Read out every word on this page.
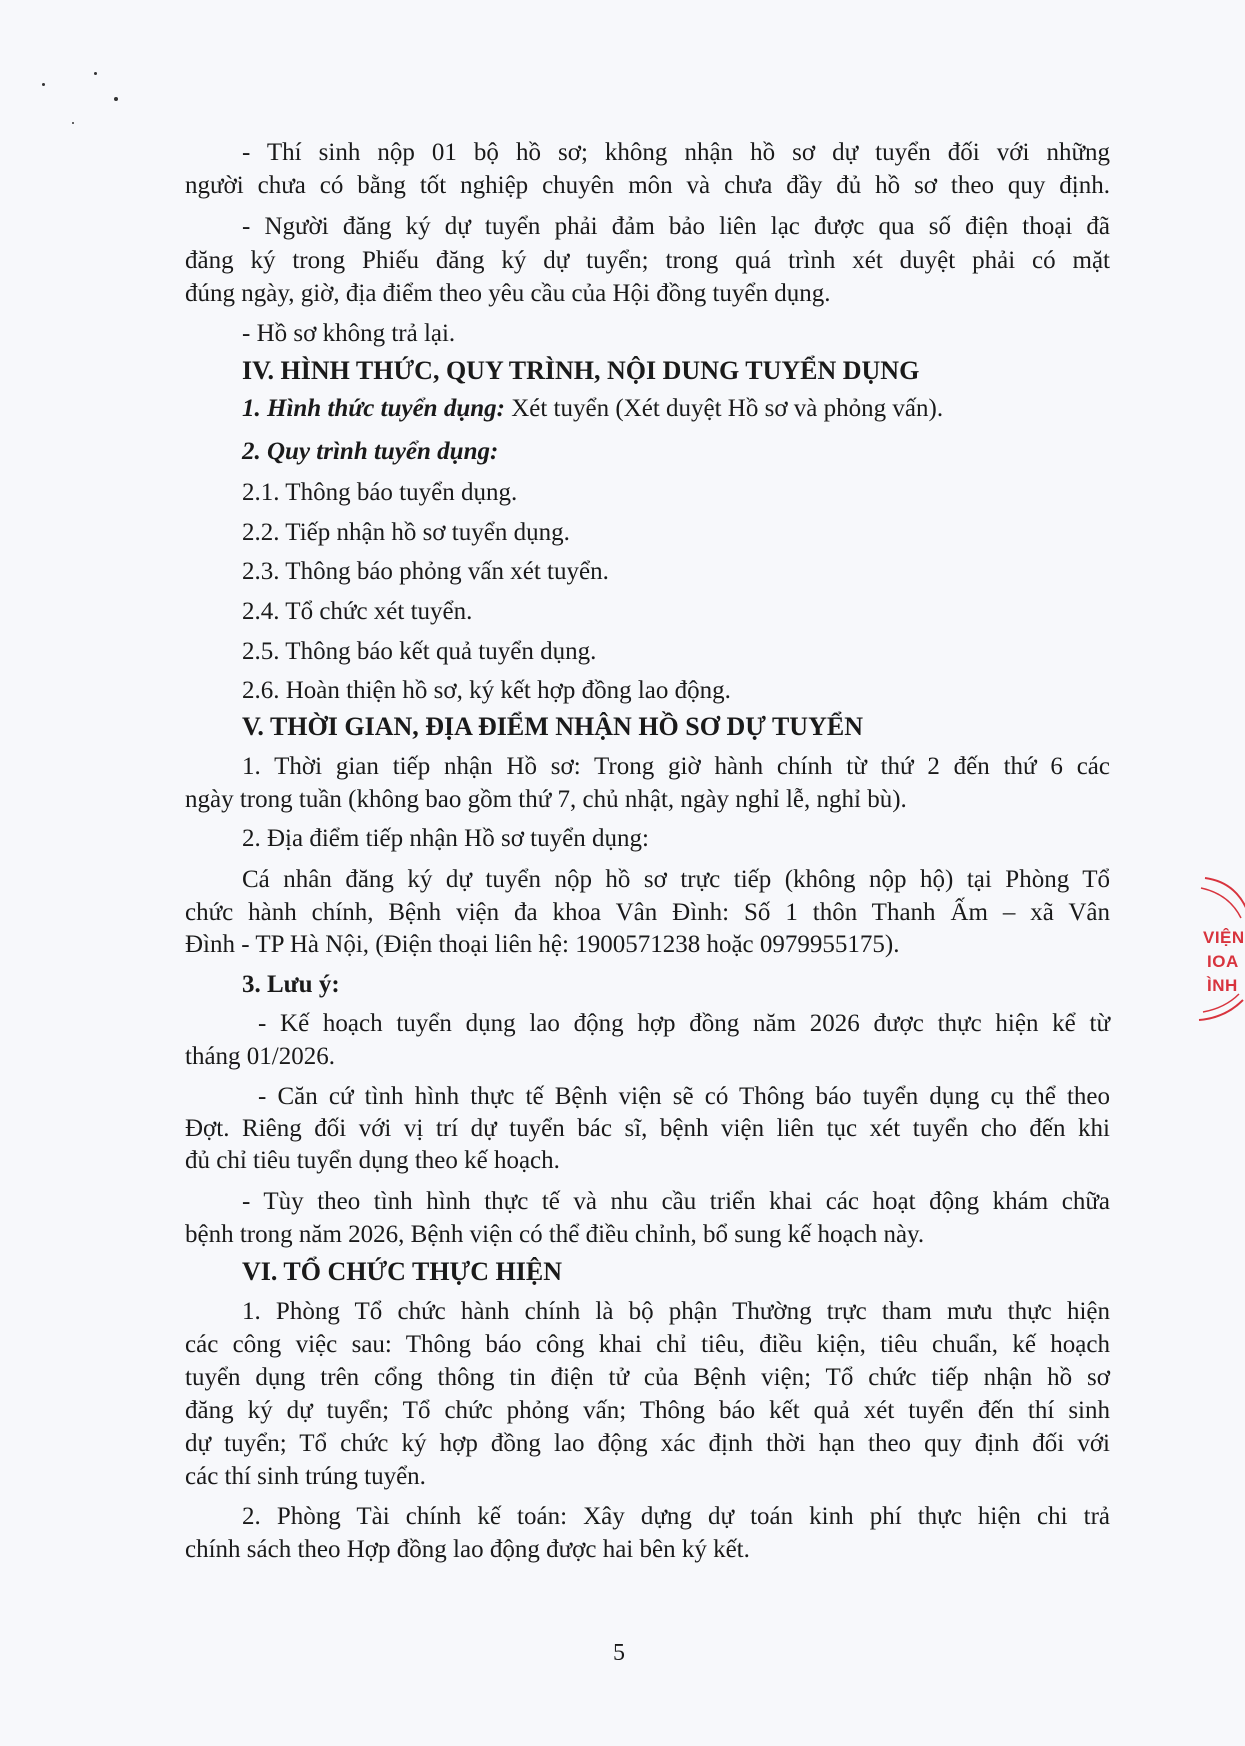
- Thí sinh nộp 01 bộ hồ sơ; không nhận hồ sơ dự tuyển đối với những
người chưa có bằng tốt nghiệp chuyên môn và chưa đầy đủ hồ sơ theo quy định.
- Người đăng ký dự tuyển phải đảm bảo liên lạc được qua số điện thoại đã
đăng ký trong Phiếu đăng ký dự tuyển; trong quá trình xét duyệt phải có mặt
đúng ngày, giờ, địa điểm theo yêu cầu của Hội đồng tuyển dụng.
- Hồ sơ không trả lại.
IV. HÌNH THỨC, QUY TRÌNH, NỘI DUNG TUYỂN DỤNG
1. Hình thức tuyển dụng: Xét tuyển (Xét duyệt Hồ sơ và phỏng vấn).
2. Quy trình tuyển dụng:
2.1. Thông báo tuyển dụng.
2.2. Tiếp nhận hồ sơ tuyển dụng.
2.3. Thông báo phỏng vấn xét tuyển.
2.4. Tổ chức xét tuyển.
2.5. Thông báo kết quả tuyển dụng.
2.6. Hoàn thiện hồ sơ, ký kết hợp đồng lao động.
V. THỜI GIAN, ĐỊA ĐIỂM NHẬN HỒ SƠ DỰ TUYỂN
1. Thời gian tiếp nhận Hồ sơ: Trong giờ hành chính từ thứ 2 đến thứ 6 các
ngày trong tuần (không bao gồm thứ 7, chủ nhật, ngày nghỉ lễ, nghỉ bù).
2. Địa điểm tiếp nhận Hồ sơ tuyển dụng:
Cá nhân đăng ký dự tuyển nộp hồ sơ trực tiếp (không nộp hộ) tại Phòng Tổ
chức hành chính, Bệnh viện đa khoa Vân Đình: Số 1 thôn Thanh Ấm – xã Vân
Đình - TP Hà Nội, (Điện thoại liên hệ: 1900571238 hoặc 0979955175).
3. Lưu ý:
- Kế hoạch tuyển dụng lao động hợp đồng năm 2026 được thực hiện kể từ
tháng 01/2026.
- Căn cứ tình hình thực tế Bệnh viện sẽ có Thông báo tuyển dụng cụ thể theo
Đợt. Riêng đối với vị trí dự tuyển bác sĩ, bệnh viện liên tục xét tuyển cho đến khi
đủ chỉ tiêu tuyển dụng theo kế hoạch.
- Tùy theo tình hình thực tế và nhu cầu triển khai các hoạt động khám chữa
bệnh trong năm 2026, Bệnh viện có thể điều chỉnh, bổ sung kế hoạch này.
VI. TỔ CHỨC THỰC HIỆN
1. Phòng Tổ chức hành chính là bộ phận Thường trực tham mưu thực hiện
các công việc sau: Thông báo công khai chỉ tiêu, điều kiện, tiêu chuẩn, kế hoạch
tuyển dụng trên cổng thông tin điện tử của Bệnh viện; Tổ chức tiếp nhận hồ sơ
đăng ký dự tuyển; Tổ chức phỏng vấn; Thông báo kết quả xét tuyển đến thí sinh
dự tuyển; Tổ chức ký hợp đồng lao động xác định thời hạn theo quy định đối với
các thí sinh trúng tuyển.
2. Phòng Tài chính kế toán: Xây dựng dự toán kinh phí thực hiện chi trả
chính sách theo Hợp đồng lao động được hai bên ký kết.
5
VIỆN
IOA
ÌNH
